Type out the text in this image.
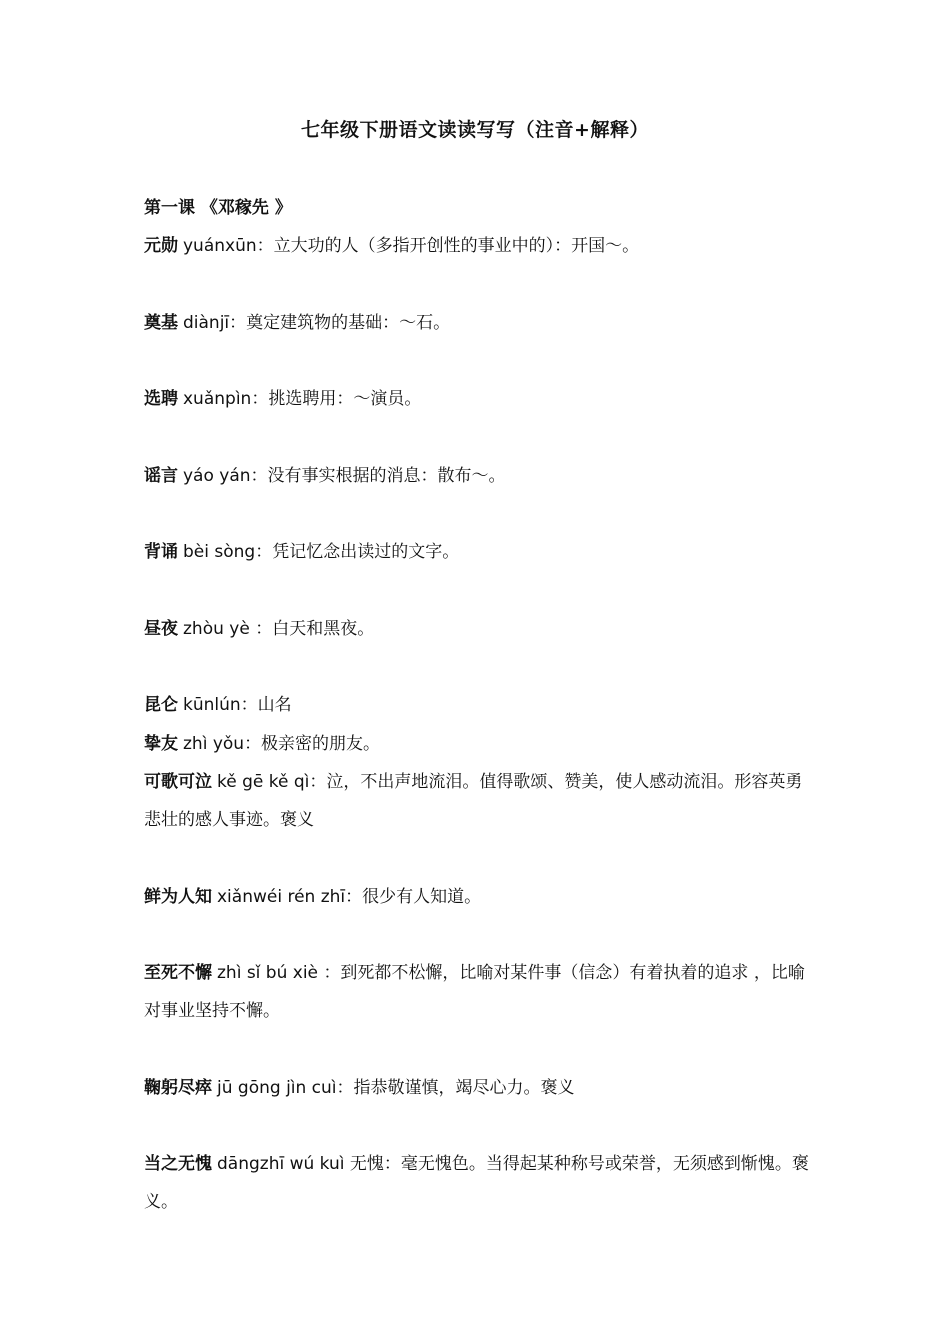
七年级下册语文读读写写（注音+解释）
第一课 《邓稼先 》
元勋 yuánxūn：立大功的人（多指开创性的事业中的）：开国～。
奠基 diànjī：奠定建筑物的基础：～石。
选聘 xuǎnpìn：挑选聘用：～演员。
谣言 yáo yán：没有事实根据的消息：散布～。
背诵 bèi sòng：凭记忆念出读过的文字。
昼夜 zhòu yè ：白天和黑夜。
昆仑 kūnlún：山名
挚友 zhì yǒu：极亲密的朋友。
可歌可泣 kě gē kě qì：泣，不出声地流泪。值得歌颂、赞美，使人感动流泪。形容英勇悲壮的感人事迹。褒义
鲜为人知 xiǎnwéi rén zhī：很少有人知道。
至死不懈 zhì sǐ bú xiè ：到死都不松懈，比喻对某件事（信念）有着执着的追求 ，比喻对事业坚持不懈。
鞠躬尽瘁 jū gōng jìn cuì：指恭敬谨慎，竭尽心力。褒义
当之无愧 dāngzhī wú kuì 无愧：毫无愧色。当得起某种称号或荣誉，无须感到惭愧。褒义。
